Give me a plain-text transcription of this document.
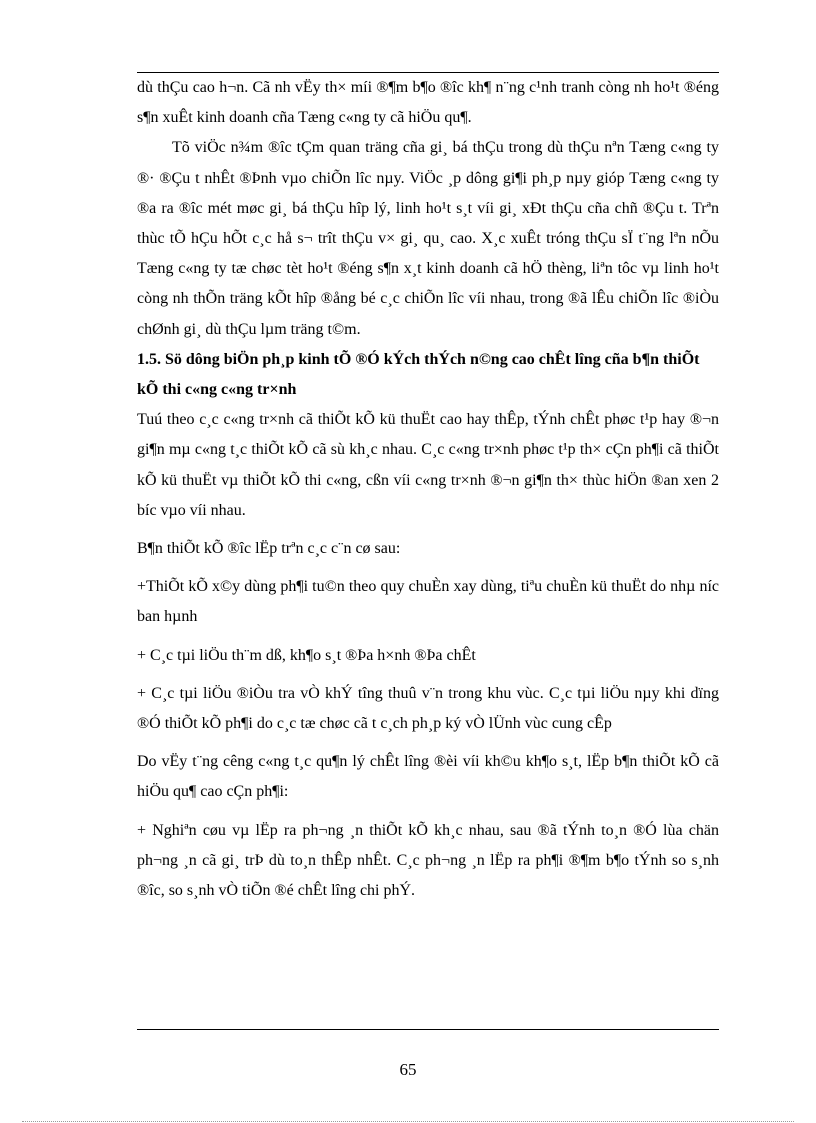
dù thÇu cao h¬n. Cã nh vËy th× míi ®¶m b¶o ®îc kh¶ n¨ng c¹nh tranh còng nh ho¹t ®éng s¶n xuÊt kinh doanh cña Tæng c«ng ty cã hiÖu qu¶.

Tõ viÖc n¾m ®îc tÇm quan träng cña gi¸ bá thÇu trong dù thÇu nªn Tæng c«ng ty ®· ®Çu t nhÊt ®Þnh vµo chiÕn lîc nµy. ViÖc ¸p dông gi¶i ph¸p nµy gióp Tæng c«ng ty ®a ra ®îc mét møc gi¸ bá thÇu hîp lý, linh ho¹t s¸t víi gi¸ xÐt thÇu cña chñ ®Çu t. Trªn thùc tÕ hÇu hÕt c¸c hå s¬ trît thÇu v× gi¸ qu¸ cao. X¸c xuÊt tróng thÇu sÏ t¨ng lªn nÕu Tæng c«ng ty tæ chøc tèt ho¹t ®éng s¶n x¸t kinh doanh cã hÖ thèng, liªn tôc vµ linh ho¹t còng nh thÕn träng kÕt hîp ®ång bé c¸c chiÕn lîc víi nhau, trong ®ã lÊu chiÕn lîc ®iÒu chØnh gi¸ dù thÇu lµm träng t©m.

1.5. Sö dông biÖn ph¸p kinh tÕ ®Ó kÝch thÝch n©ng cao chÊt lîng cña b¶n thiÕt kÕ thi c«ng c«ng tr×nh

Tuú theo c¸c c«ng tr×nh cã thiÕt kÕ kü thuËt cao hay thÊp, tÝnh chÊt phøc t¹p hay ®¬n gi¶n mµ c«ng t¸c thiÕt kÕ cã sù kh¸c nhau. C¸c c«ng tr×nh phøc t¹p th× cÇn ph¶i cã thiÕt kÕ kü thuËt vµ thiÕt kÕ thi c«ng, cßn víi c«ng tr×nh ®¬n gi¶n th× thùc hiÖn ®an xen 2 bíc vµo víi nhau.

B¶n thiÕt kÕ ®îc lËp trªn c¸c c¨n cø sau:

+ThiÕt kÕ x©y dùng ph¶i tu©n theo quy chuÈn xay dùng, tiªu chuÈn kü thuËt do nhµ níc ban hµnh

+ C¸c tµi liÖu th¨m dß, kh¶o s¸t ®Þa h×nh ®Þa chÊt

+ C¸c tµi liÖu ®iÒu tra vÒ khÝ tîng thuû v¨n trong khu vùc. C¸c tµi liÖu nµy khi dïng ®Ó thiÕt kÕ ph¶i do c¸c tæ chøc cã t c¸ch ph¸p ký vÒ lÜnh vùc cung cÊp

Do vËy t¨ng cêng c«ng t¸c qu¶n lý chÊt lîng ®èi víi kh©u kh¶o s¸t, lËp b¶n thiÕt kÕ cã hiÖu qu¶ cao cÇn ph¶i:

+ Nghiªn cøu vµ lËp ra ph¬ng ¸n thiÕt kÕ kh¸c nhau, sau ®ã tÝnh to¸n ®Ó lùa chän ph¬ng ¸n cã gi¸ trÞ dù to¸n thÊp nhÊt. C¸c ph¬ng ¸n lËp ra ph¶i ®¶m b¶o tÝnh so s¸nh ®îc, so s¸nh vÒ tiÕn ®é chÊt lîng chi phÝ.

65
